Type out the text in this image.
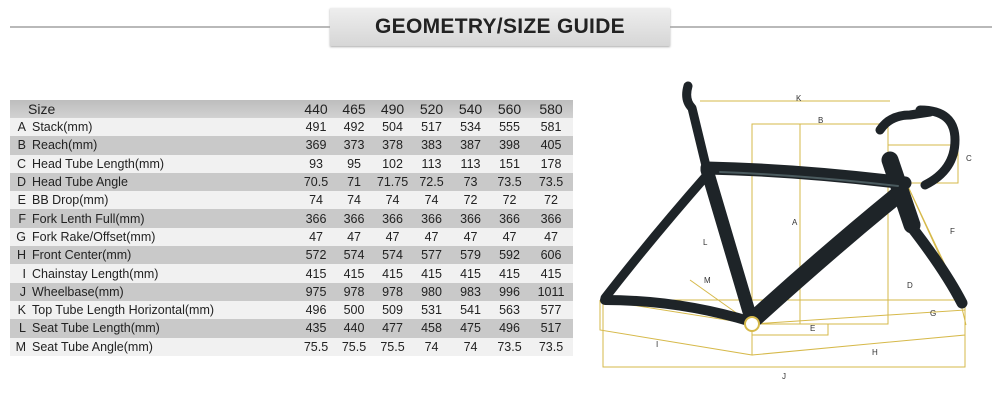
GEOMETRY/SIZE GUIDE
Size		440	465	490	520	540	560	580
A	Stack(mm)	491	492	504	517	534	555	581
B	Reach(mm)	369	373	378	383	387	398	405
C	Head Tube Length(mm)	93	95	102	113	113	151	178
D	Head Tube Angle	70.5	71	71.75	72.5	73	73.5	73.5
E	BB Drop(mm)	74	74	74	74	72	72	72
F	Fork Lenth Full(mm)	366	366	366	366	366	366	366
G	Fork Rake/Offset(mm)	47	47	47	47	47	47	47
H	Front Center(mm)	572	574	574	577	579	592	606
I	Chainstay Length(mm)	415	415	415	415	415	415	415
J	Wheelbase(mm)	975	978	978	980	983	996	1011
K	Top Tube Length Horizontal(mm)	496	500	509	531	541	563	577
L	Seat Tube Length(mm)	435	440	477	458	475	496	517
M	Seat Tube Angle(mm)	75.5	75.5	75.5	74	74	73.5	73.5
K
B
C
A
L
F
M
D
G
E
I
H
J
